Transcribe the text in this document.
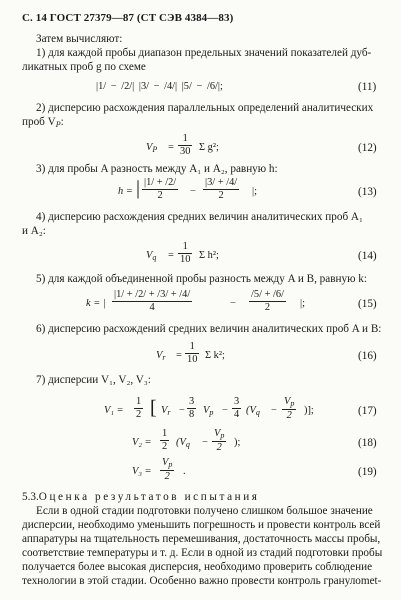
С. 14 ГОСТ 27379—87 (СТ СЭВ 4384—83)
Затем вычисляют:
1) для каждой пробы диапазон предельных значений показателей дуб-
ликатных проб g по схеме
|1/ − /2/| |3/ − /4/| |5/ − /6/|;	(11)
2) дисперсию расхождения параллельных определений аналитических
проб $V_P$:
$V_P = \frac{1}{30}$ Σ g²;	(12)
3) для пробы A разность между A₁ и A₂, равную h:
h = | $\frac{|1/ + /2/}{2} - \frac{|3/ + /4/}{2}$ |;	(13)
4) дисперсию расхождения средних величин аналитических проб A₁
и A₂:
$V_q = \frac{1}{10}$ Σ h²;	(14)
5) для каждой объединенной пробы разность между A и B, равную k:
k = | $\frac{|1/ + /2/ + /3/ + /4/}{4}$	− $\frac{/5/ + /6/}{2}$ |;	(15)
6) дисперсию расхождений средних величин аналитических проб A и B:
$V_r = \frac{1}{10}$ Σ k²;	(16)
7) дисперсии V₁, V₂, V₃:
$V_1 = \frac{1}{2}$ [ $V_r - \frac{3}{8} V_p - \frac{3}{4} (V_q - \frac{V_p}{2}$ )];	(17)
$V_2 = \frac{1}{2} (V_q - \frac{V_p}{2}$ );	(18)
$V_3 = \frac{V_p}{2}$ .	(19)
5.3.Оценка результатов испытания
Если в одной стадии подготовки получено слишком большое значение
дисперсии, необходимо уменьшить погрешность и провести контроль всей
аппаратуры на тщательность перемешивания, достаточность массы пробы,
соответствие температуры и т. д. Если в одной из стадий подготовки пробы
получается более высокая дисперсия, необходимо проверить соблюдение
технологии в этой стадии. Особенно важно провести контроль гранулomet-
